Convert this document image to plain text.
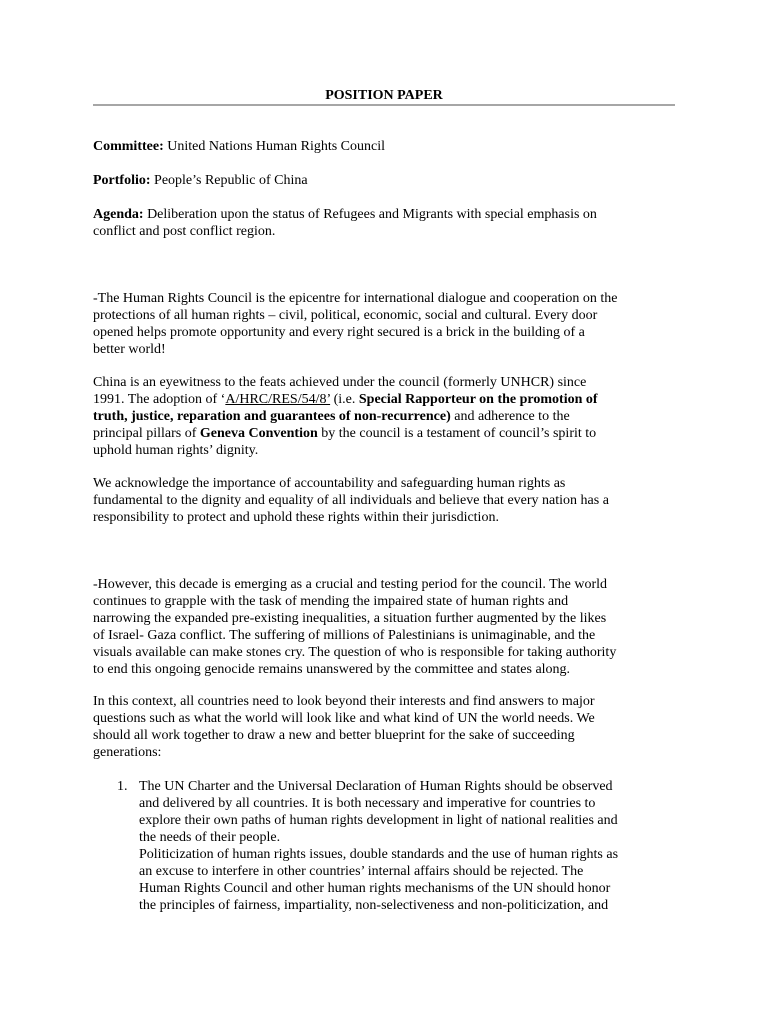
POSITION PAPER

Committee: United Nations Human Rights Council

Portfolio: People’s Republic of China

Agenda: Deliberation upon the status of Refugees and Migrants with special emphasis on
conflict and post conflict region.

-The Human Rights Council is the epicentre for international dialogue and cooperation on the
protections of all human rights – civil, political, economic, social and cultural. Every door
opened helps promote opportunity and every right secured is a brick in the building of a
better world!

China is an eyewitness to the feats achieved under the council (formerly UNHCR) since
1991. The adoption of ‘A/HRC/RES/54/8’ (i.e. Special Rapporteur on the promotion of
truth, justice, reparation and guarantees of non-recurrence) and adherence to the
principal pillars of Geneva Convention by the council is a testament of council’s spirit to
uphold human rights’ dignity.

We acknowledge the importance of accountability and safeguarding human rights as
fundamental to the dignity and equality of all individuals and believe that every nation has a
responsibility to protect and uphold these rights within their jurisdiction.

-However, this decade is emerging as a crucial and testing period for the council. The world
continues to grapple with the task of mending the impaired state of human rights and
narrowing the expanded pre-existing inequalities, a situation further augmented by the likes
of Israel- Gaza conflict. The suffering of millions of Palestinians is unimaginable, and the
visuals available can make stones cry. The question of who is responsible for taking authority
to end this ongoing genocide remains unanswered by the committee and states along.

In this context, all countries need to look beyond their interests and find answers to major
questions such as what the world will look like and what kind of UN the world needs. We
should all work together to draw a new and better blueprint for the sake of succeeding
generations:

1. The UN Charter and the Universal Declaration of Human Rights should be observed
and delivered by all countries. It is both necessary and imperative for countries to
explore their own paths of human rights development in light of national realities and
the needs of their people.
Politicization of human rights issues, double standards and the use of human rights as
an excuse to interfere in other countries’ internal affairs should be rejected. The
Human Rights Council and other human rights mechanisms of the UN should honor
the principles of fairness, impartiality, non-selectiveness and non-politicization, and
